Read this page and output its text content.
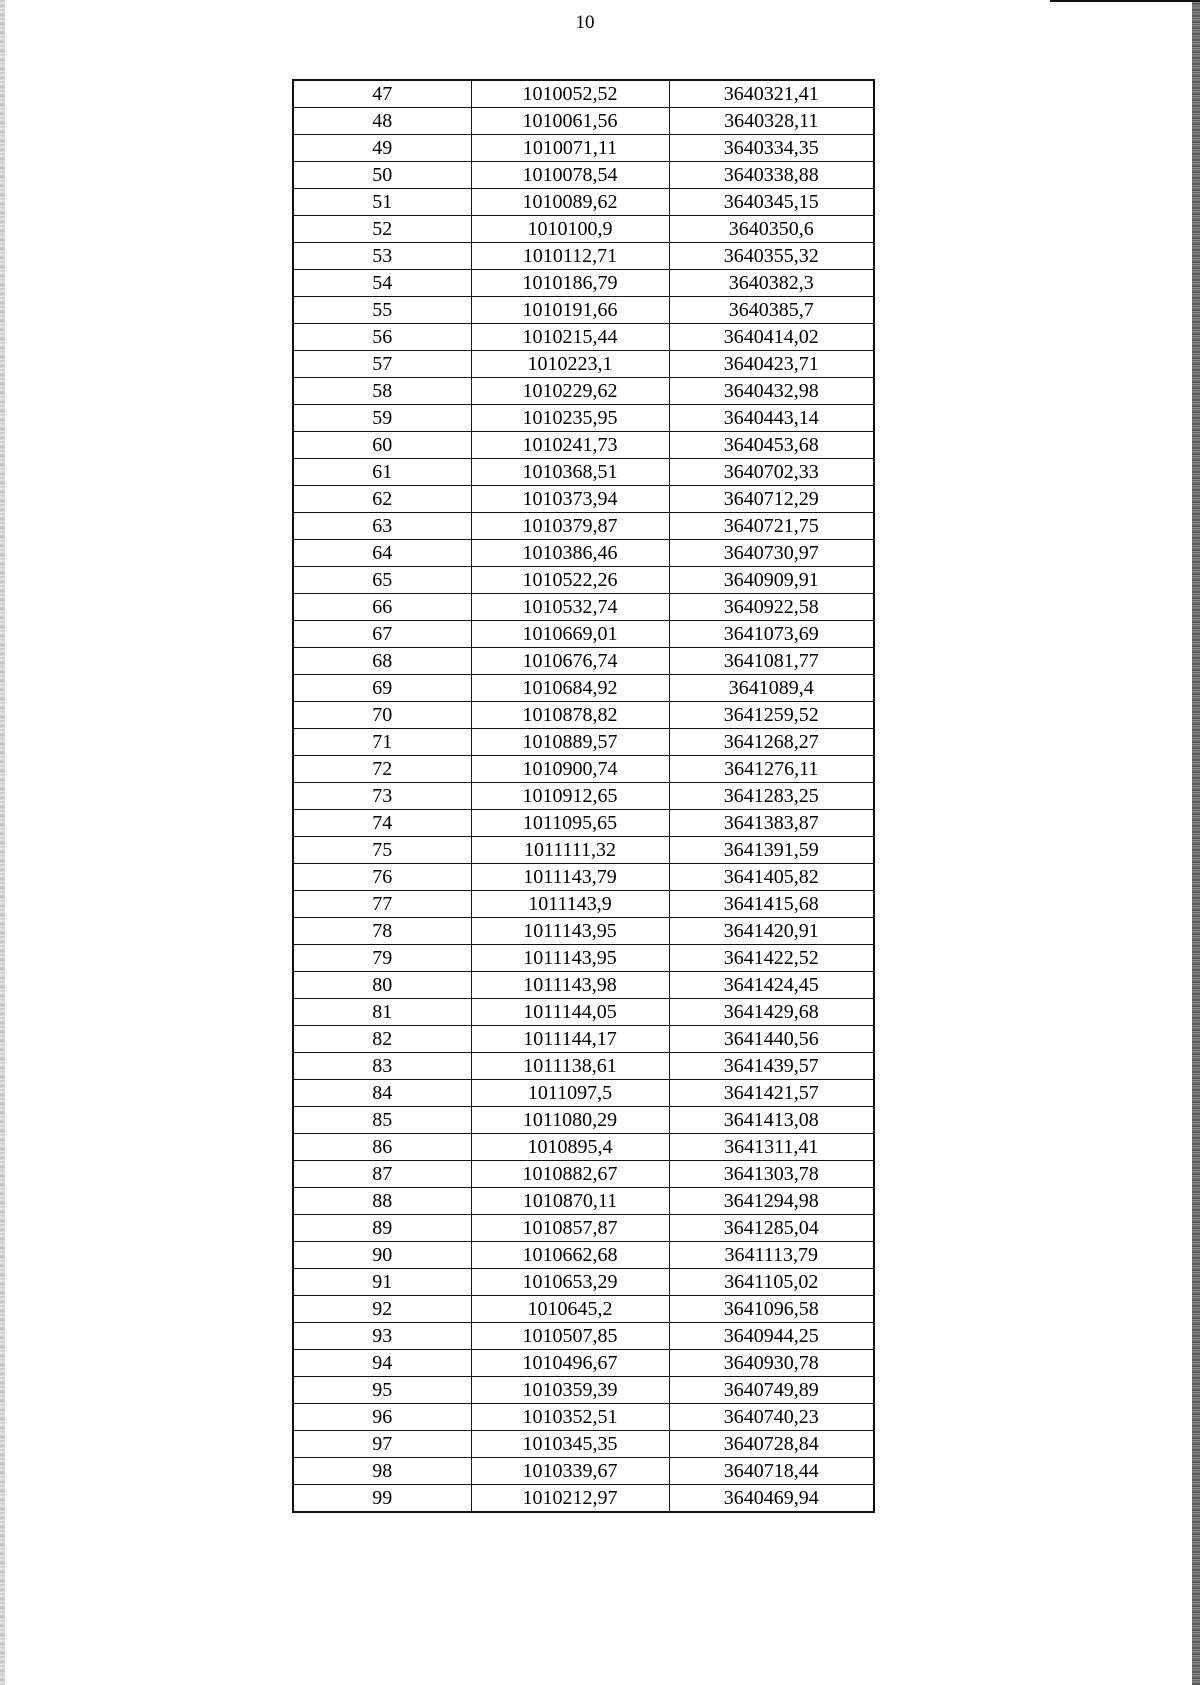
10
47	1010052,52	3640321,41
48	1010061,56	3640328,11
49	1010071,11	3640334,35
50	1010078,54	3640338,88
51	1010089,62	3640345,15
52	1010100,9	3640350,6
53	1010112,71	3640355,32
54	1010186,79	3640382,3
55	1010191,66	3640385,7
56	1010215,44	3640414,02
57	1010223,1	3640423,71
58	1010229,62	3640432,98
59	1010235,95	3640443,14
60	1010241,73	3640453,68
61	1010368,51	3640702,33
62	1010373,94	3640712,29
63	1010379,87	3640721,75
64	1010386,46	3640730,97
65	1010522,26	3640909,91
66	1010532,74	3640922,58
67	1010669,01	3641073,69
68	1010676,74	3641081,77
69	1010684,92	3641089,4
70	1010878,82	3641259,52
71	1010889,57	3641268,27
72	1010900,74	3641276,11
73	1010912,65	3641283,25
74	1011095,65	3641383,87
75	1011111,32	3641391,59
76	1011143,79	3641405,82
77	1011143,9	3641415,68
78	1011143,95	3641420,91
79	1011143,95	3641422,52
80	1011143,98	3641424,45
81	1011144,05	3641429,68
82	1011144,17	3641440,56
83	1011138,61	3641439,57
84	1011097,5	3641421,57
85	1011080,29	3641413,08
86	1010895,4	3641311,41
87	1010882,67	3641303,78
88	1010870,11	3641294,98
89	1010857,87	3641285,04
90	1010662,68	3641113,79
91	1010653,29	3641105,02
92	1010645,2	3641096,58
93	1010507,85	3640944,25
94	1010496,67	3640930,78
95	1010359,39	3640749,89
96	1010352,51	3640740,23
97	1010345,35	3640728,84
98	1010339,67	3640718,44
99	1010212,97	3640469,94
